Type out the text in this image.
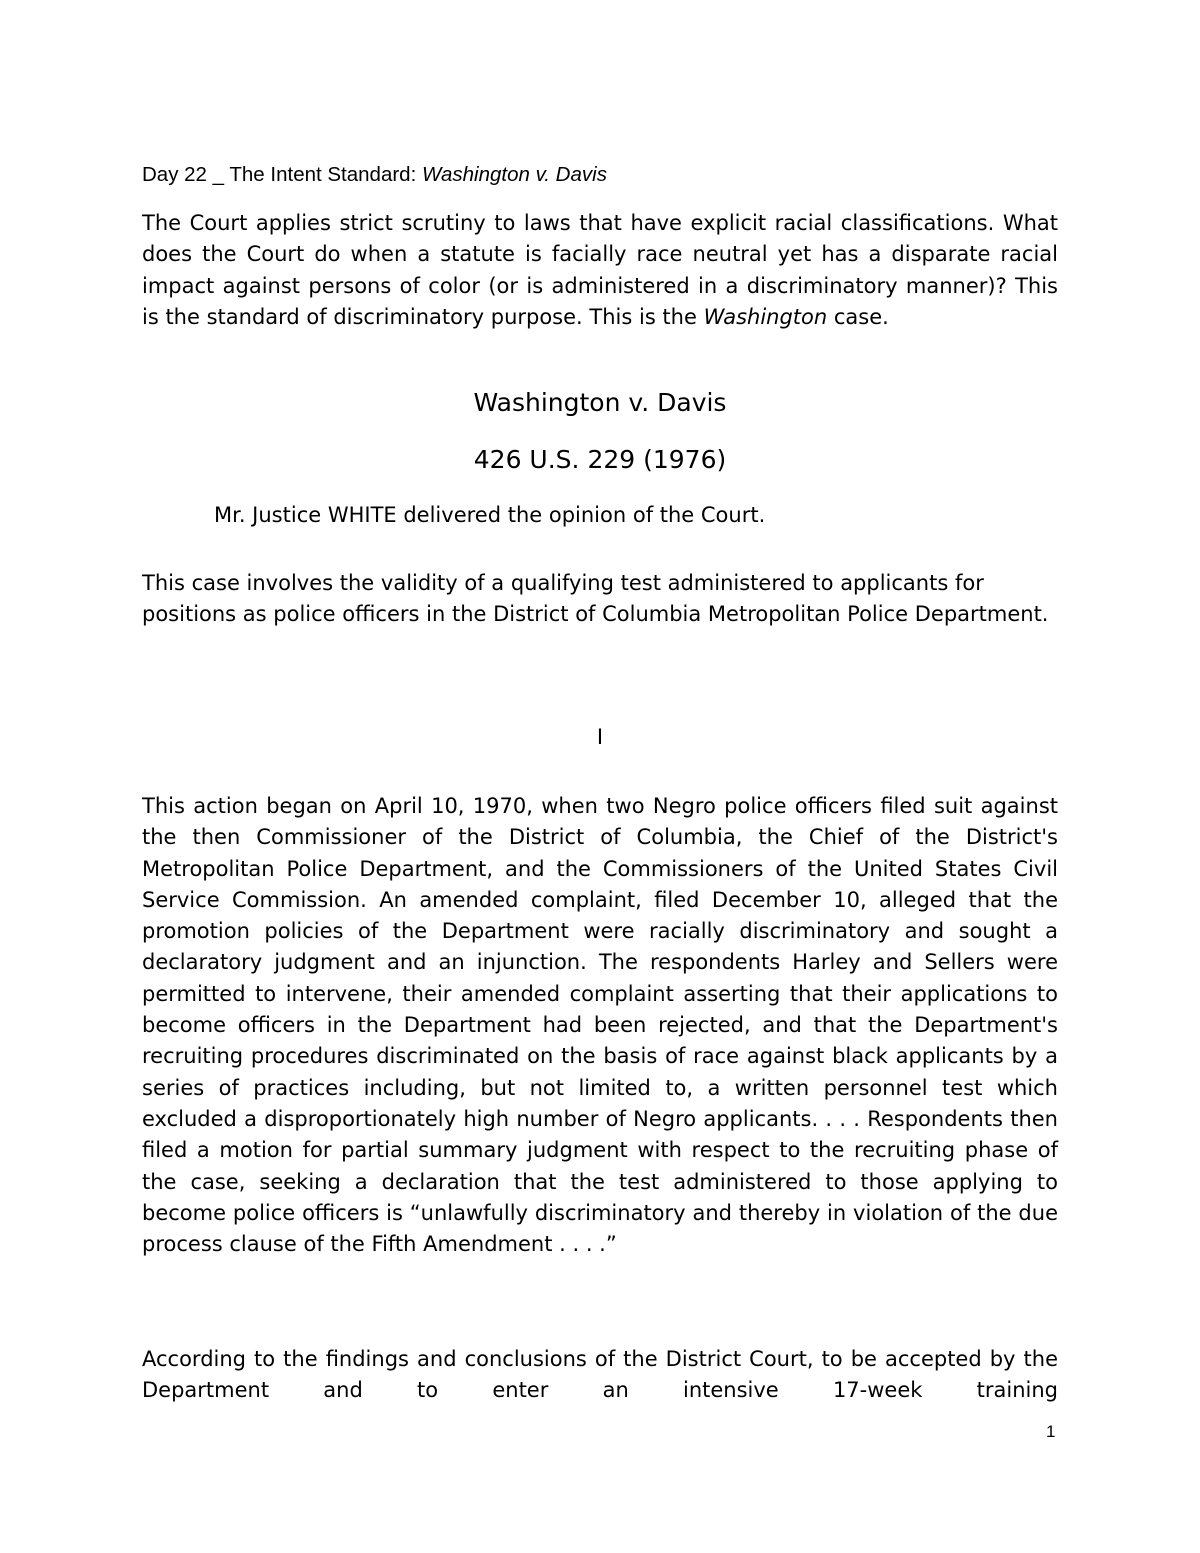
Day 22 _ The Intent Standard: Washington v. Davis

The Court applies strict scrutiny to laws that have explicit racial classifications. What does the Court do when a statute is facially race neutral yet has a disparate racial impact against persons of color (or is administered in a discriminatory manner)? This is the standard of discriminatory purpose. This is the Washington case.

Washington v. Davis
426 U.S. 229 (1976)
Mr. Justice WHITE delivered the opinion of the Court.

This case involves the validity of a qualifying test administered to applicants for positions as police officers in the District of Columbia Metropolitan Police Department.

I

This action began on April 10, 1970, when two Negro police officers filed suit against the then Commissioner of the District of Columbia, the Chief of the District's Metropolitan Police Department, and the Commissioners of the United States Civil Service Commission. An amended complaint, filed December 10, alleged that the promotion policies of the Department were racially discriminatory and sought a declaratory judgment and an injunction. The respondents Harley and Sellers were permitted to intervene, their amended complaint asserting that their applications to become officers in the Department had been rejected, and that the Department's recruiting procedures discriminated on the basis of race against black applicants by a series of practices including, but not limited to, a written personnel test which excluded a disproportionately high number of Negro applicants. . . . Respondents then filed a motion for partial summary judgment with respect to the recruiting phase of the case, seeking a declaration that the test administered to those applying to become police officers is “unlawfully discriminatory and thereby in violation of the due process clause of the Fifth Amendment . . . .”

According to the findings and conclusions of the District Court, to be accepted by the Department and to enter an intensive 17-week training

1
